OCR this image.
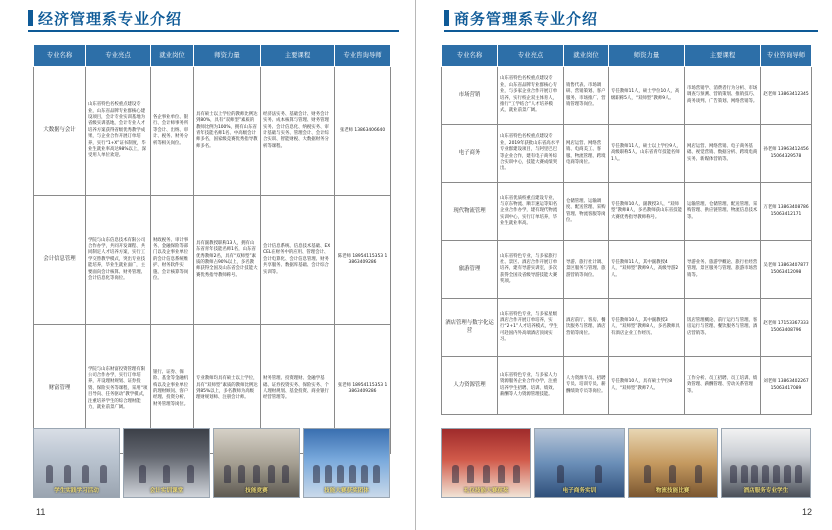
经济管理系专业介绍
专业名称	专业亮点	就业岗位	师资力量	主要课程	专业咨询导师
大数据与会计	山东省特色名校重点建设专业，山东省品牌专业群核心建设项目，会计专业实训基地为省级实训基地，会计专业人才培养方案获得省级优秀教学成果，与企业合作开展订单培养，实行“1+X”证书制度，毕业生就业率高达98%以上，深受用人单位欢迎。	各企事业单位、银行、会计师事务所等会计、出纳、审计、税务、财务分析等相关岗位。	具有硕士以上学位的教师比例达到80%，具有“双师型”素质的教师比例为100%，拥有山东省青年技能名师1名、中高级会计师多名，国家级竞赛优秀指导教师多名。	经济法实务、基础会计、财务会计实务、成本核算与管理、财务管理实务、会计信息化、纳税实务、审计基础与实务、管理会计、会计综合实训、智能财税、大数据财务分析等课程。	张老师 13863406640
会计信息管理	学院与山东信息技术有限公司合作办学，共同开发课程、共同制定人才培养方案，实行工学交替教学模式，突出专业技能培养，毕业生就业面广，主要面向会计核算、财务管理、会计信息化等岗位。	财政税务、审计事务、金融保险等部门以及企事业单位的会计信息系统维护、财务软件实施、会计核算等岗位。	具有副教授职称13人，拥有山东省青年技能名师1名，山东省优秀教师2名，具有“双师型”素质的教师占90%以上，多名教师获得全国及山东省会计技能大赛优秀指导教师称号。	会计信息系统、信息技术基础、EXCEL在财务中的应用、管理会计、会计电算化、会计信息管理、财务共享服务、数据库基础、会计综合实训等。	陈老师 18954115353 13863409286
财富管理	学院与山东财富投资管理有限公司合作办学，实行订单培养，开设理财规划、证券投资、保险实务等课程，采用“项目导向、任务驱动”教学模式，注重培养学生的综合理财能力，就业前景广阔。	银行、证券、保险、基金等金融机构以及企事业单位的理财顾问、客户经理、投资分析、财务管理等岗位。	专业教师均具有硕士以上学位，具有“双师型”素质的教师比例达到85%以上，多名教师为高级理财规划师、注册会计师。	财务管理、投资理财、金融学基础、证券投资实务、保险实务、个人理财规划、基金投资、商业银行经营管理等。	张老师 18954115353 13863409286
学生实践学习活动	会计实训课堂	技能竞赛	技能大赛获奖团体
11
商务管理系专业介绍
专业名称	专业亮点	就业岗位	师资力量	主要课程	专业咨询导师
市场营销	山东省特色名校重点建设专业，山东省品牌专业群核心专业，与多家企业合作开展订单培养，实行校企双主体育人，推行“工学结合”人才培养模式，就业前景广阔。	销售代表、市场调研、营销策划、客户服务、市场推广、营销管理等岗位。	专任教师11人，硕士学位10人，高级职称5人，“双师型”教师9人。	市场营销学、消费者行为分析、市场调查与预测、营销策划、推销技巧、商务谈判、广告策划、网络营销等。	赵老师 13863412345
电子商务	山东省特色名校重点建设专业，2019年获批山东省高水平专业群建设项目，与阿里巴巴等企业合作，建有电子商务综合实训中心，技能大赛成绩突出。	网店运营、网络营销、电商美工、客服、物流管理、跨境电商等岗位。	专任教师11人，硕士以上学位9人，高级职称5人，山东省青年技能名师1人。	网店运营、网络营销、电子商务基础、视觉营销、数据分析、跨境电商实务、新媒体营销等。	孙老师 13963412456 15064329578
现代物流管理	山东省优质校重点建设专业，与京东物流、顺丰速运等知名企业合作办学，建有现代物流实训中心，实行订单培养，毕业生就业率高。	仓储管理、运输调度、配送管理、采购管理、物流客服等岗位。	专任教师10人，副教授3人，“双师型”教师8人，多名教师获山东省技能大赛优秀指导教师称号。	运输管理、仓储管理、配送管理、采购管理、供应链管理、物流信息技术等。	万老师 13863408786 15063412171
旅游管理	山东省特色专业，与多家旅行社、景区、酒店合作开展订单培养，建有导游实训室，多次获得全国及省级导游技能大赛奖项。	导游、旅行社计调、景区服务与管理、旅游营销等岗位。	专任教师11人，其中副教授4人，“双师型”教师9人，高级导游2人。	导游业务、旅游学概论、旅行社经营管理、景区服务与管理、旅游市场营销等。	吴老师 13863407877 15063412098
酒店管理与数字化运营	山东省特色专业，与多家星级酒店合作开展订单培养，实行“2+1”人才培养模式，学生可赴国内外高端酒店顶岗实习。	酒店前厅、客房、餐饮服务与管理、酒店营销等岗位。	专任教师10人，其中副教授3人，“双师型”教师8人，多名教师具有酒店企业工作经历。	饭店管理概论、前厅运行与管理、客房运行与管理、餐饮服务与管理、酒店营销等。	赵老师 17153367333 15063408796
人力资源管理	山东省特色专业，与多家人力资源服务企业合作办学，注重培养学生招聘、培训、绩效、薪酬等人力资源管理技能。	人力资源专员、招聘专员、培训专员、薪酬绩效专员等岗位。	专任教师10人，具有硕士学位8人，“双师型”教师7人。	工作分析、员工招聘、员工培训、绩效管理、薪酬管理、劳动关系管理等。	刘老师 13863402267 15063417089
礼仪技能大赛获奖	电子商务实训	物流技能比赛	酒店服务专业学生
12
